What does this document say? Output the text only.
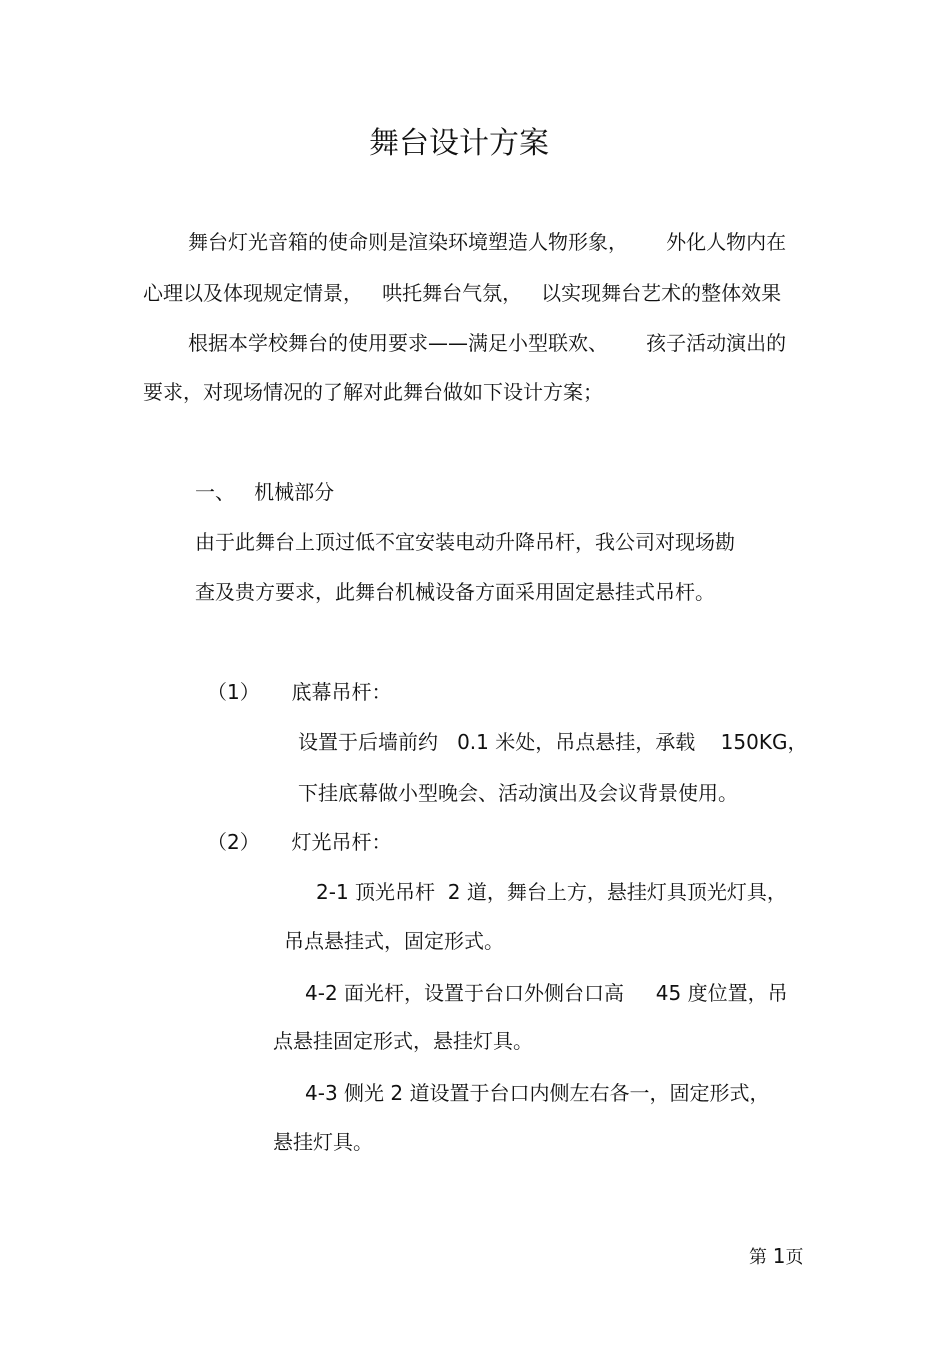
舞台设计方案
舞台灯光音箱的使命则是渲染环境塑造人物形象，      外化人物内在
心理以及体现规定情景，   哄托舞台气氛，   以实现舞台艺术的整体效果
根据本学校舞台的使用要求——满足小型联欢、      孩子活动演出的
要求，对现场情况的了解对此舞台做如下设计方案；
一、   机械部分
由于此舞台上顶过低不宜安装电动升降吊杆，我公司对现场勘
查及贵方要求，此舞台机械设备方面采用固定悬挂式吊杆。
（1）     底幕吊杆：
设置于后墙前约   0.1 米处，吊点悬挂，承载    150KG，
下挂底幕做小型晚会、活动演出及会议背景使用。
（2）     灯光吊杆：
2-1 顶光吊杆  2 道，舞台上方，悬挂灯具顶光灯具，
吊点悬挂式，固定形式。
4-2 面光杆，设置于台口外侧台口高     45 度位置，吊
点悬挂固定形式，悬挂灯具。
4-3 侧光 2 道设置于台口内侧左右各一，固定形式，
悬挂灯具。
第 1页
